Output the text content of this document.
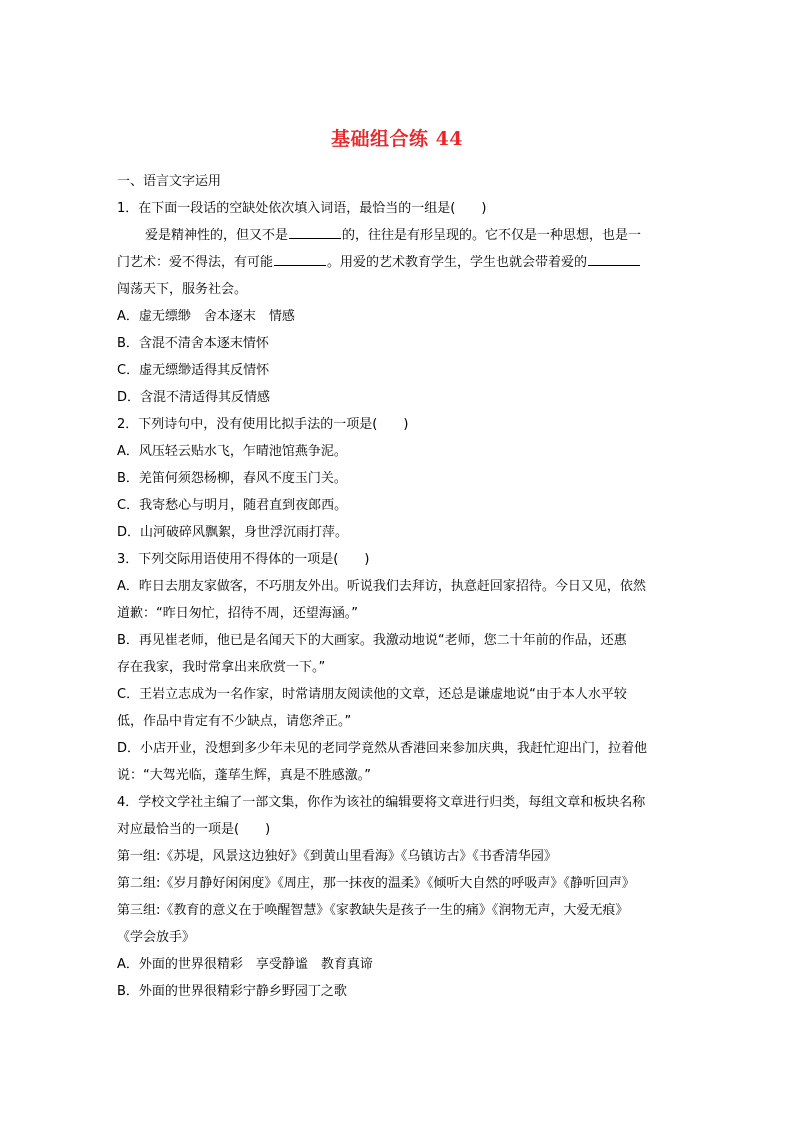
基础组合练 44
一、语言文字运用
1．在下面一段话的空缺处依次填入词语，最恰当的一组是(　　)
爱是精神性的，但又不是	的，往往是有形呈现的。它不仅是一种思想，也是一
门艺术：爱不得法，有可能	。用爱的艺术教育学生，学生也就会带着爱的
闯荡天下，服务社会。
A．虚无缥缈　舍本逐末　情感
B．含混不清舍本逐末情怀
C．虚无缥缈适得其反情怀
D．含混不清适得其反情感
2．下列诗句中，没有使用比拟手法的一项是(　　)
A．风压轻云贴水飞，乍晴池馆燕争泥。
B．羌笛何须怨杨柳，春风不度玉门关。
C．我寄愁心与明月，随君直到夜郎西。
D．山河破碎风飘絮，身世浮沉雨打萍。
3．下列交际用语使用不得体的一项是(　　)
A．昨日去朋友家做客，不巧朋友外出。听说我们去拜访，执意赶回家招待。今日又见，依然
道歉：“昨日匆忙，招待不周，还望海涵。”
B．再见崔老师，他已是名闻天下的大画家。我激动地说“老师，您二十年前的作品，还惠
存在我家，我时常拿出来欣赏一下。”
C．王岩立志成为一名作家，时常请朋友阅读他的文章，还总是谦虚地说“由于本人水平较
低，作品中肯定有不少缺点，请您斧正。”
D．小店开业，没想到多少年未见的老同学竟然从香港回来参加庆典，我赶忙迎出门，拉着他
说：“大驾光临，蓬荜生辉，真是不胜感激。”
4．学校文学社主编了一部文集，你作为该社的编辑要将文章进行归类，每组文章和板块名称
对应最恰当的一项是(　　)
第一组:《苏堤，风景这边独好》《到黄山里看海》《乌镇访古》《书香清华园》
第二组:《岁月静好闲闲度》《周庄，那一抹夜的温柔》《倾听大自然的呼吸声》《静听回声》
第三组:《教育的意义在于唤醒智慧》《家教缺失是孩子一生的痛》《润物无声，大爱无痕》
《学会放手》
A．外面的世界很精彩　享受静谧　教育真谛
B．外面的世界很精彩宁静乡野园丁之歌
